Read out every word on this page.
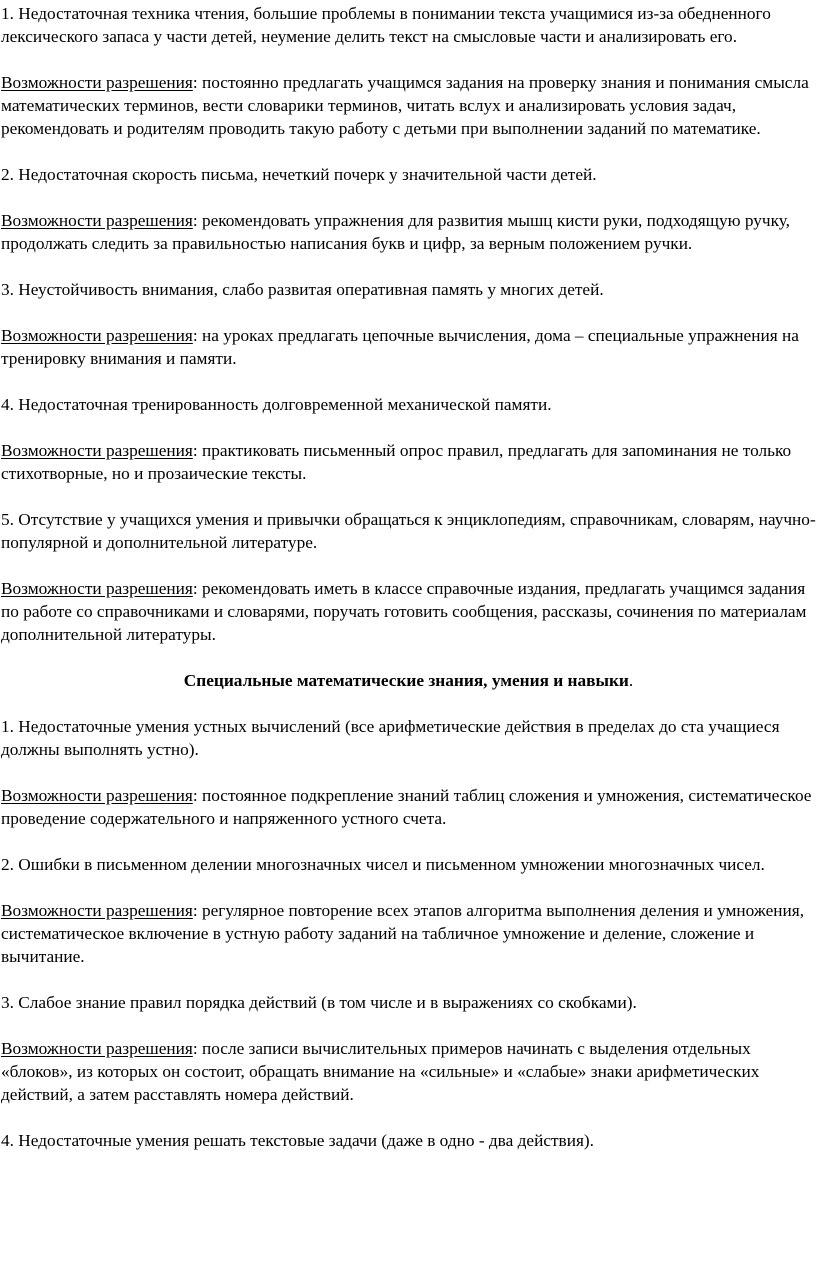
1. Недостаточная техника чтения, большие проблемы в понимании текста учащимися из-за обедненного лексического запаса у части детей, неумение делить текст на смысловые части и анализировать его.

Возможности разрешения: постоянно предлагать учащимся задания на проверку знания и понимания смысла математических терминов, вести словарики терминов, читать вслух и анализировать условия задач, рекомендовать и родителям проводить такую работу с детьми при выполнении заданий по математике.

2. Недостаточная скорость письма, нечеткий почерк у значительной части детей.

Возможности разрешения: рекомендовать упражнения для развития мышц кисти руки, подходящую ручку, продолжать следить за правильностью написания букв и цифр, за верным положением ручки.

3. Неустойчивость внимания, слабо развитая оперативная память у многих детей.

Возможности разрешения: на уроках предлагать цепочные вычисления, дома – специальные упражнения на тренировку внимания и памяти.

4. Недостаточная тренированность долговременной механической памяти.

Возможности разрешения: практиковать письменный опрос правил, предлагать для запоминания не только стихотворные, но и прозаические тексты.

5. Отсутствие у учащихся умения и привычки обращаться к энциклопедиям, справочникам, словарям, научно-популярной и дополнительной литературе.

Возможности разрешения: рекомендовать иметь в классе справочные издания, предлагать учащимся задания по работе со справочниками и словарями, поручать готовить сообщения, рассказы, сочинения по материалам дополнительной литературы.

Специальные математические знания, умения и навыки.

1. Недостаточные умения устных вычислений (все арифметические действия в пределах до ста учащиеся должны выполнять устно).

Возможности разрешения: постоянное подкрепление знаний таблиц сложения и умножения, систематическое проведение содержательного и напряженного устного счета.

2. Ошибки в письменном делении многозначных чисел и письменном умножении многозначных чисел.

Возможности разрешения: регулярное повторение всех этапов алгоритма выполнения деления и умножения, систематическое включение в устную работу заданий на табличное умножение и деление, сложение и вычитание.

3. Слабое знание правил порядка действий (в том числе и в выражениях со скобками).

Возможности разрешения: после записи вычислительных примеров начинать с выделения отдельных «блоков», из которых он состоит, обращать внимание на «сильные» и «слабые» знаки арифметических действий, а затем расставлять номера действий.

4. Недостаточные умения решать текстовые задачи (даже в одно - два действия).
